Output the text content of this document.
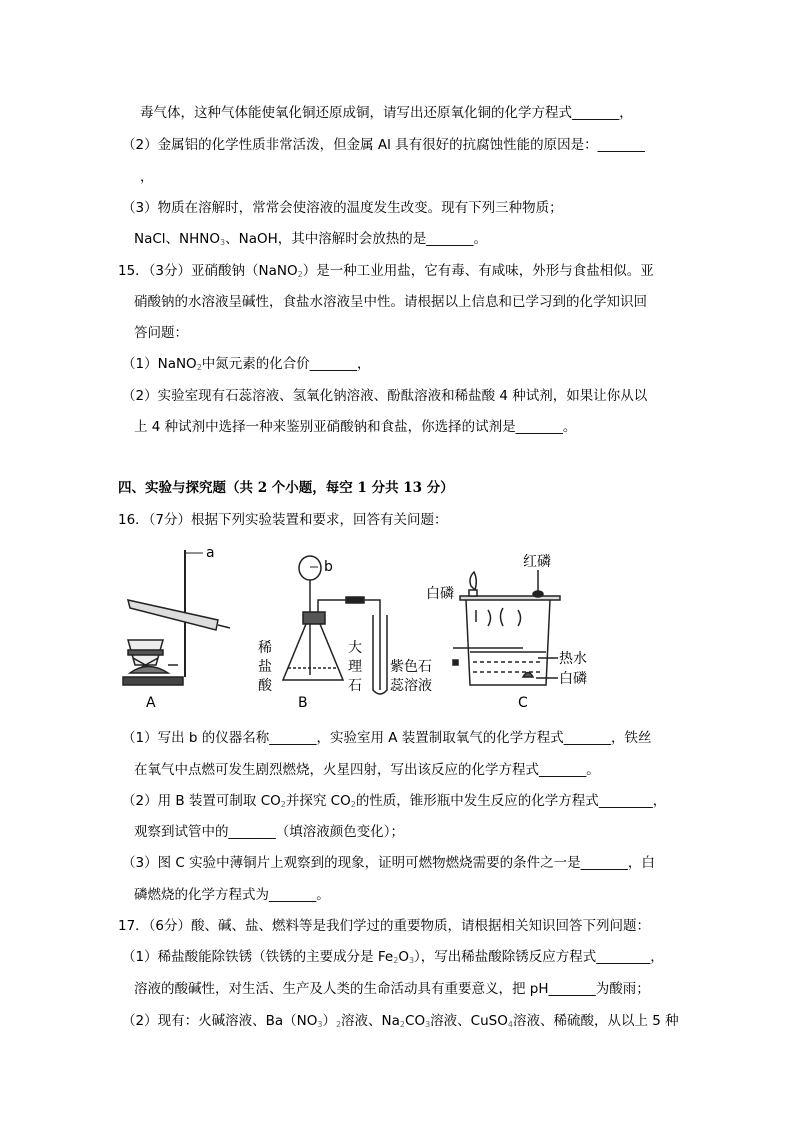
毒气体，这种气体能使氧化铜还原成铜，请写出还原氧化铜的化学方程式_______，
（2）金属铝的化学性质非常活泼，但金属 Al 具有很好的抗腐蚀性能的原因是：_______
，
（3）物质在溶解时，常常会使溶液的温度发生改变。现有下列三种物质；
NaCl、$NHNO_3$、NaOH，其中溶解时会放热的是_______。
15．（3分）亚硝酸钠（NaNO$_2$）是一种工业用盐，它有毒、有咸味，外形与食盐相似。亚
硝酸钠的水溶液呈碱性，食盐水溶液呈中性。请根据以上信息和已学习到的化学知识回
答问题：
（1）NaNO$_2$中氮元素的化合价_______，
（2）实验室现有石蕊溶液、氢氧化钠溶液、酚酞溶液和稀盐酸 4 种试剂，如果让你从以
上 4 种试剂中选择一种来鉴别亚硝酸钠和食盐，你选择的试剂是_______。
四、实验与探究题（共 2 个小题，每空 1 分共 13 分）
16．（7分）根据下列实验装置和要求，回答有关问题：
（1）写出 b 的仪器名称_______，实验室用 A 装置制取氧气的化学方程式_______，铁丝
在氧气中点燃可发生剧烈燃烧，火星四射，写出该反应的化学方程式_______。
（2）用 B 装置可制取 $CO_2$并探究 $CO_2$的性质，锥形瓶中发生反应的化学方程式________，
观察到试管中的_______（填溶液颜色变化）；
（3）图 C 实验中薄铜片上观察到的现象，证明可燃物燃烧需要的条件之一是_______，白
磷燃烧的化学方程式为_______。
17．（6分）酸、碱、盐、燃料等是我们学过的重要物质，请根据相关知识回答下列问题：
（1）稀盐酸能除铁锈（铁锈的主要成分是 $Fe_2O_3$），写出稀盐酸除锈反应方程式________，
溶液的酸碱性，对生活、生产及人类的生命活动具有重要意义，把 pH_______为酸雨；
（2）现有：火碱溶液、$Ba(NO_3)_2$溶液、$Na_2CO_3$溶液、CuSO$_4$溶液、稀硫酸，从以上 5 种
a
A
b
稀
盐
酸
大
理
石
紫色石
蕊溶液
B
红磷
白磷
热水
白磷
C
